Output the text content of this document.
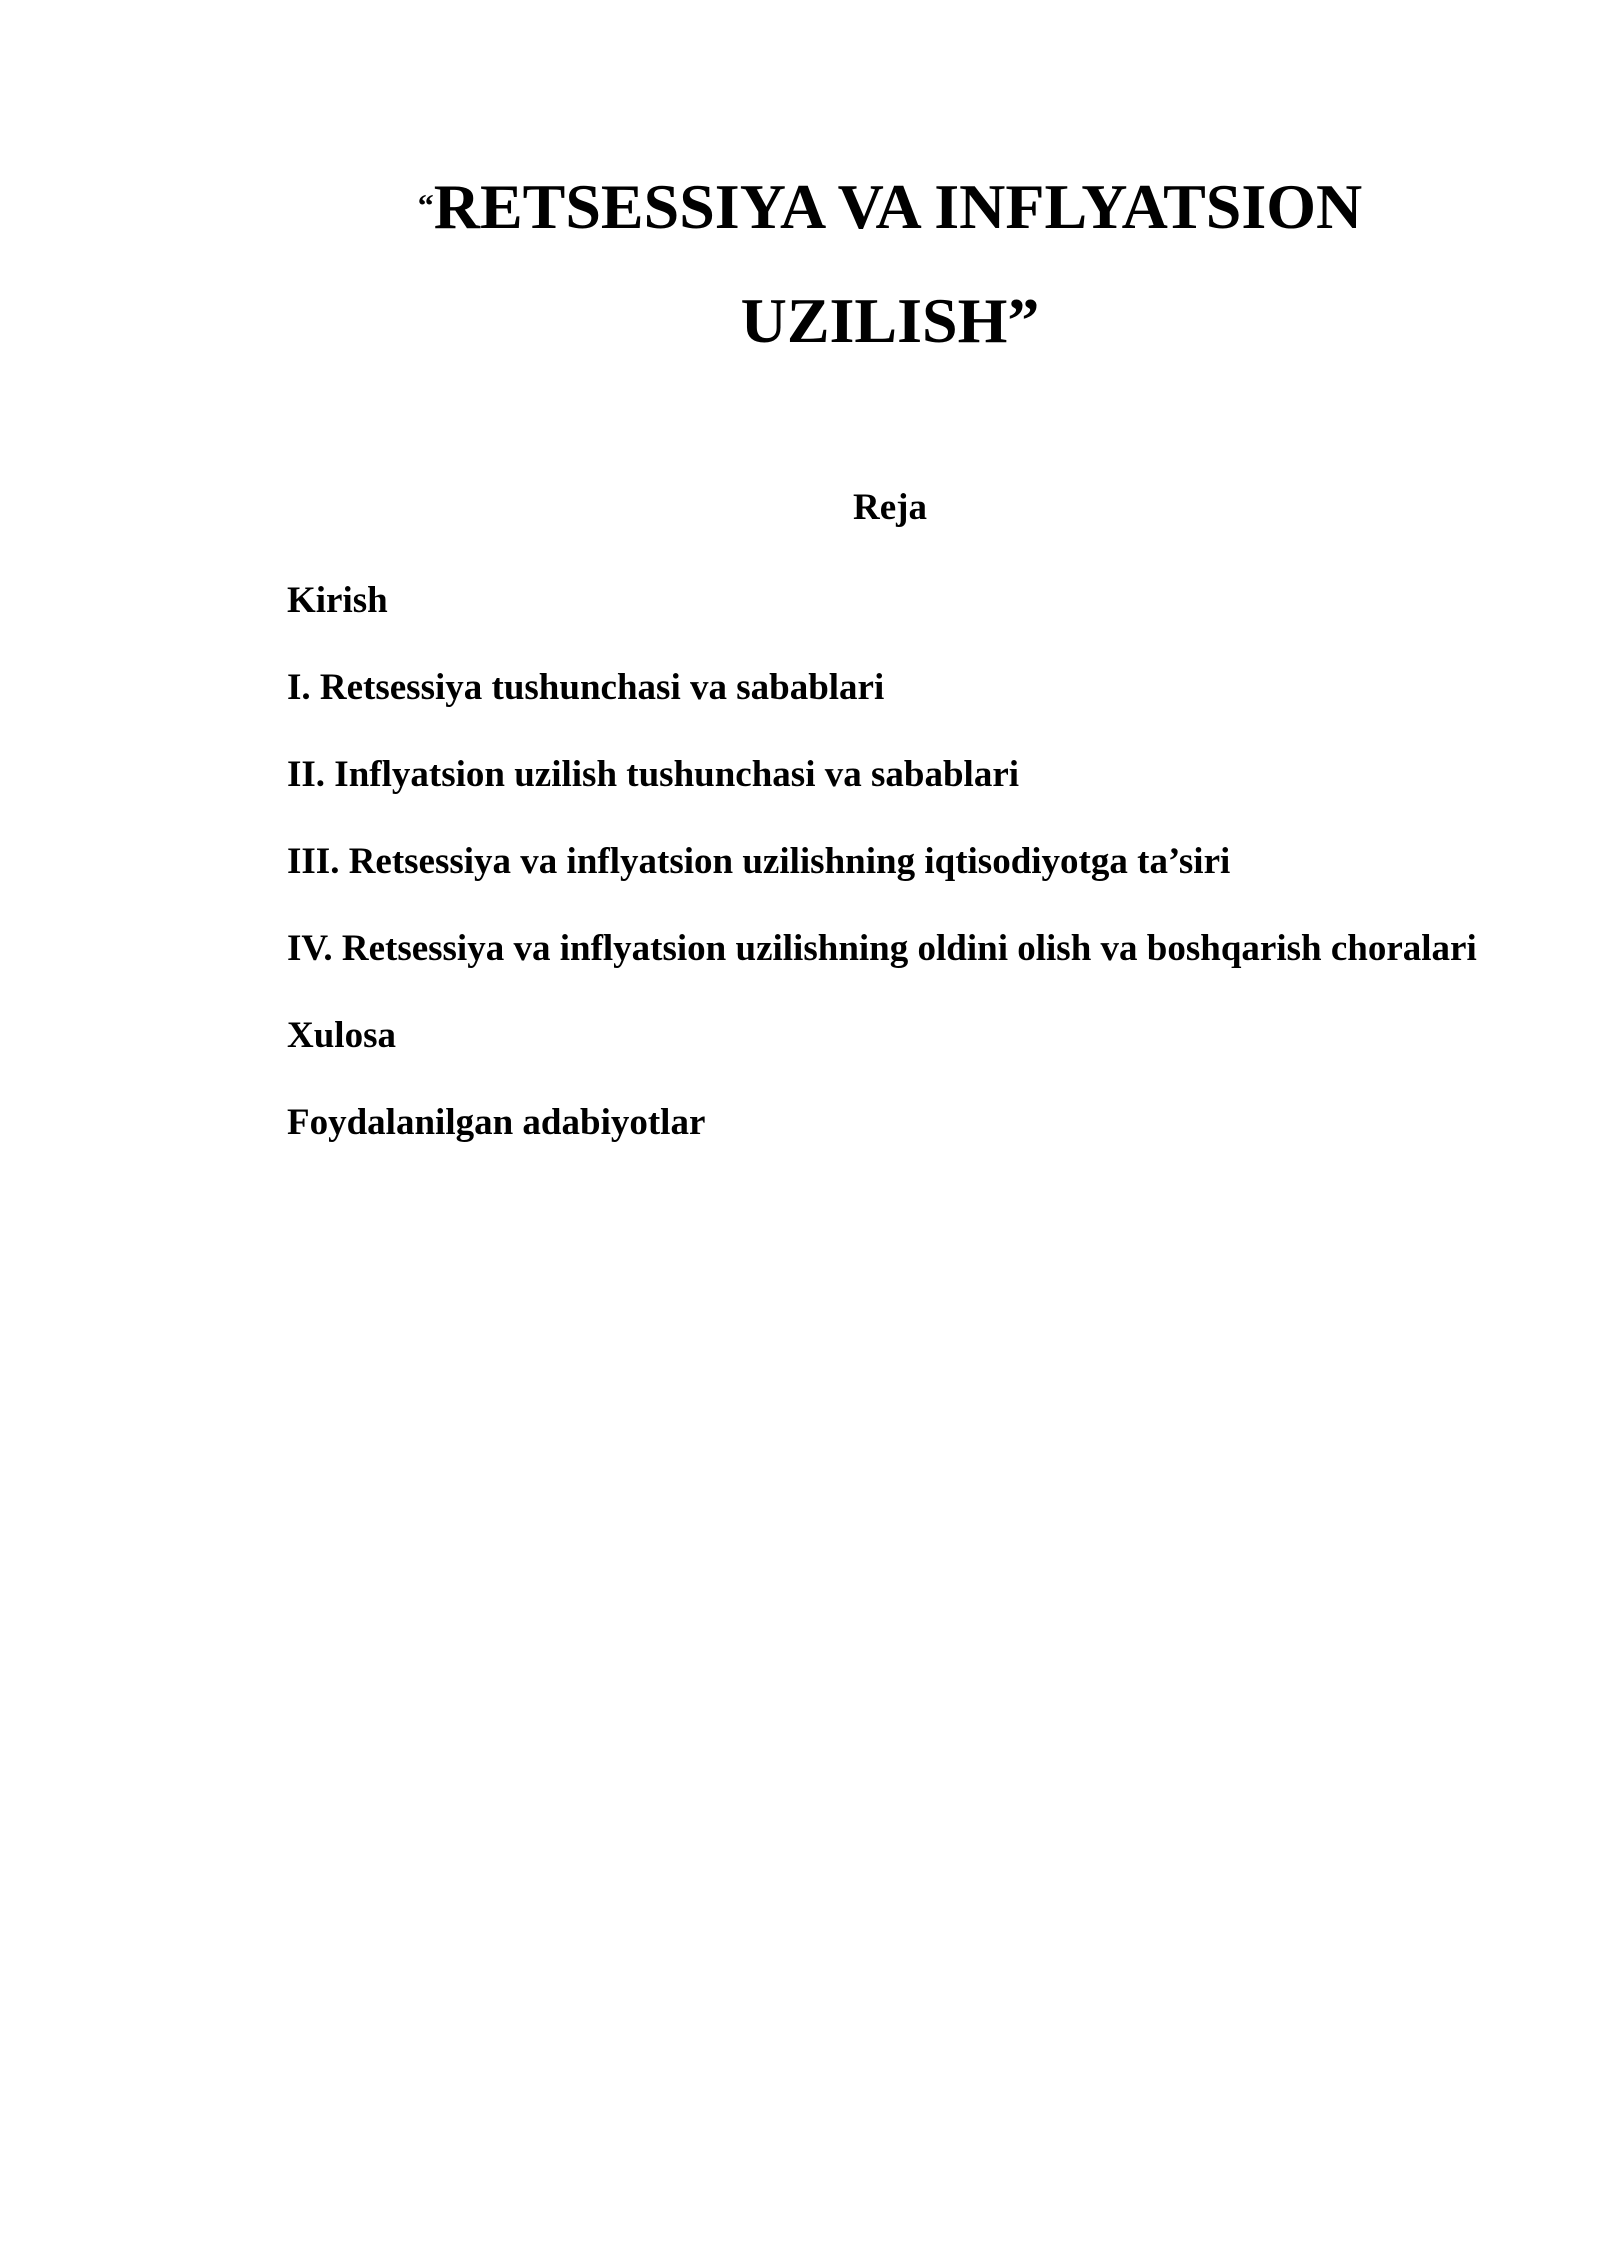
“RETSESSIYA VA INFLYATSION UZILISH”
Reja
Kirish
I. Retsessiya tushunchasi va sabablari
II. Inflyatsion uzilish tushunchasi va sabablari
III. Retsessiya va inflyatsion uzilishning iqtisodiyotga ta’siri
IV. Retsessiya va inflyatsion uzilishning oldini olish va boshqarish choralari
Xulosa
Foydalanilgan adabiyotlar
